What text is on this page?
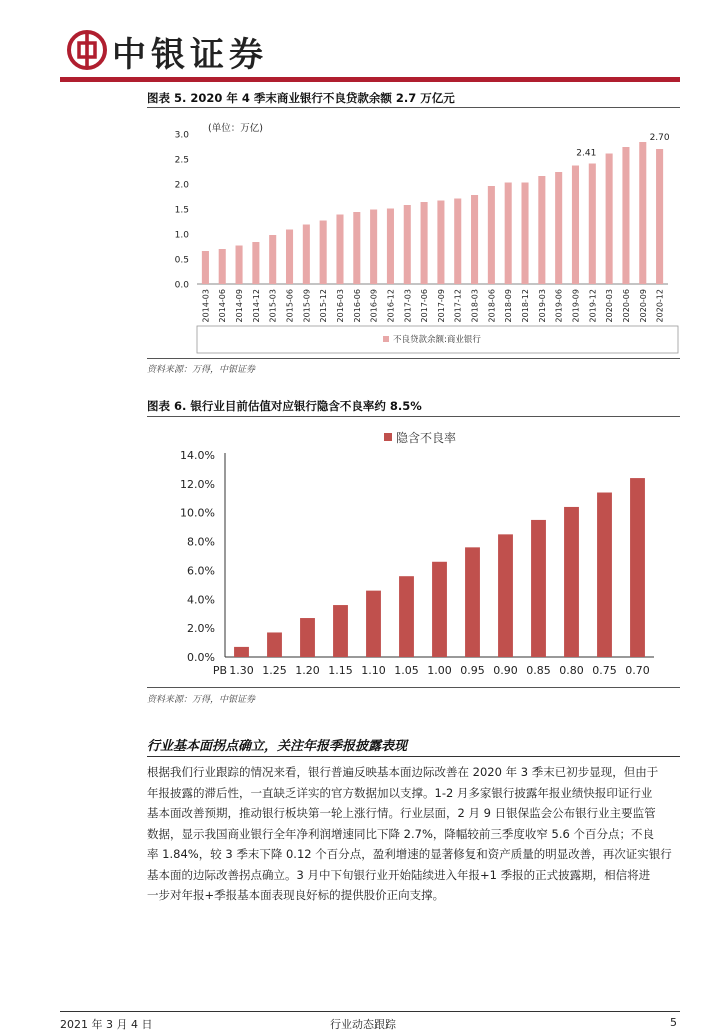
中银证券
图表 5. 2020 年 4 季末商业银行不良贷款余额 2.7 万亿元
(单位：万亿)
0.0
0.5
1.0
1.5
2.0
2.5
3.0
2014-03 2014-06 2014-09 2014-12 2015-03 2015-06 2015-09 2015-12 2016-03 2016-06 2016-09 2016-12 2017-03 2017-06 2017-09 2017-12 2018-03 2018-06 2018-09 2018-12 2019-03 2019-06 2019-09 2019-12 2020-03 2020-06 2020-09 2020-12
2.41
2.70
不良贷款余额:商业银行
资料来源：万得，中银证券
图表 6. 银行业目前估值对应银行隐含不良率约 8.5%
0.0%
2.0%
4.0%
6.0%
8.0%
10.0%
12.0%
14.0%
1.30 1.25 1.20 1.15 1.10 1.05 1.00 0.95 0.90 0.85 0.80 0.75 0.70
PB
隐含不良率
资料来源：万得，中银证券
行业基本面拐点确立，关注年报季报披露表现
根据我们行业跟踪的情况来看，银行普遍反映基本面边际改善在 2020 年 3 季末已初步显现，但由于
年报披露的滞后性，一直缺乏详实的官方数据加以支撑。1-2 月多家银行披露年报业绩快报印证行业
基本面改善预期，推动银行板块第一轮上涨行情。行业层面，2 月 9 日银保监会公布银行业主要监管
数据，显示我国商业银行全年净利润增速同比下降 2.7%，降幅较前三季度收窄 5.6 个百分点；不良
率 1.84%，较 3 季末下降 0.12 个百分点，盈利增速的显著修复和资产质量的明显改善，再次证实银行
基本面的边际改善拐点确立。3 月中下旬银行业开始陆续进入年报+1 季报的正式披露期，相信将进
一步对年报+季报基本面表现良好标的提供股价正向支撑。
2021 年 3 月 4 日	行业动态跟踪	5
